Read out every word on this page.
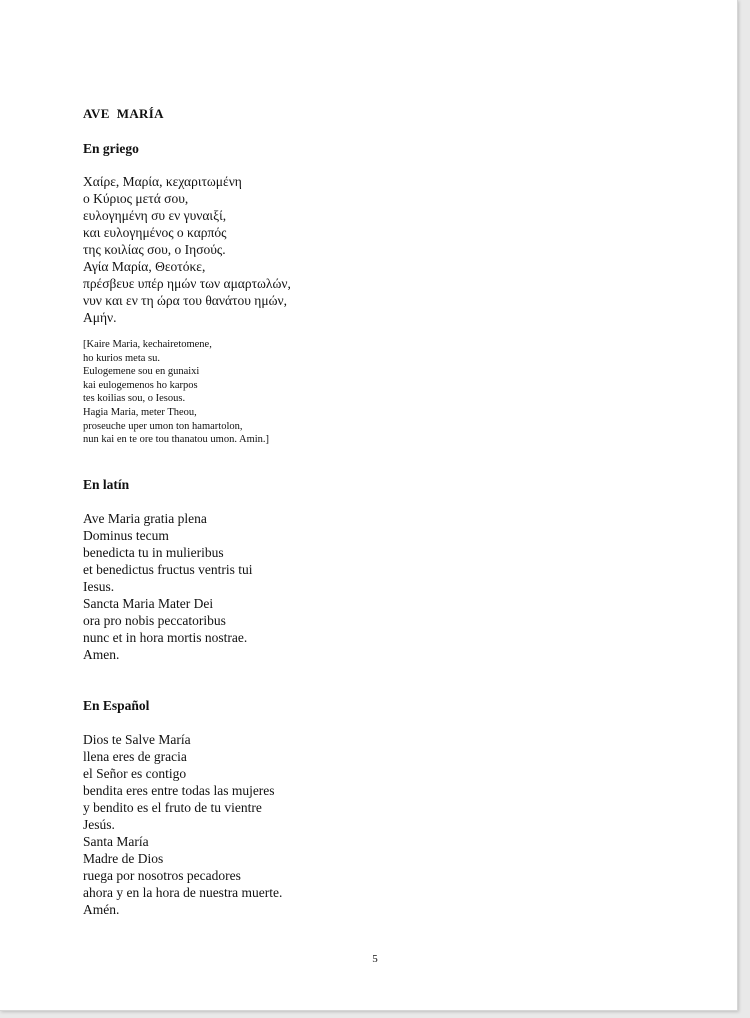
AVE  MARÍA
En griego
Χαίρε, Μαρία, κεχαριτωμένη
ο Κύριος μετά σου,
ευλογημένη συ εν γυναιξί,
και ευλογημένος ο καρπός
της κοιλίας σου, ο Ιησούς.
Αγία Μαρία, Θεοτόκε,
πρέσβευε υπέρ ημών των αμαρτωλών,
νυν και εν τη ώρα του θανάτου ημών,
Αμήν.
[Kaire Maria, kechairetomene,
ho kurios meta su.
Eulogemene sou en gunaixi
kai eulogemenos ho karpos
tes koilias sou, o Iesous.
Hagia Maria, meter Theou,
proseuche uper umon ton hamartolon,
nun kai en te ore tou thanatou umon. Amin.]
En latín
Ave Maria gratia plena
Dominus tecum
benedicta tu in mulieribus
et benedictus fructus ventris tui
Iesus.
Sancta Maria Mater Dei
ora pro nobis peccatoribus
nunc et in hora mortis nostrae.
Amen.
En Español
Dios te Salve María
llena eres de gracia
el Señor es contigo
bendita eres entre todas las mujeres
y bendito es el fruto de tu vientre
Jesús.
Santa María
Madre de Dios
ruega por nosotros pecadores
ahora y en la hora de nuestra muerte.
Amén.
5
